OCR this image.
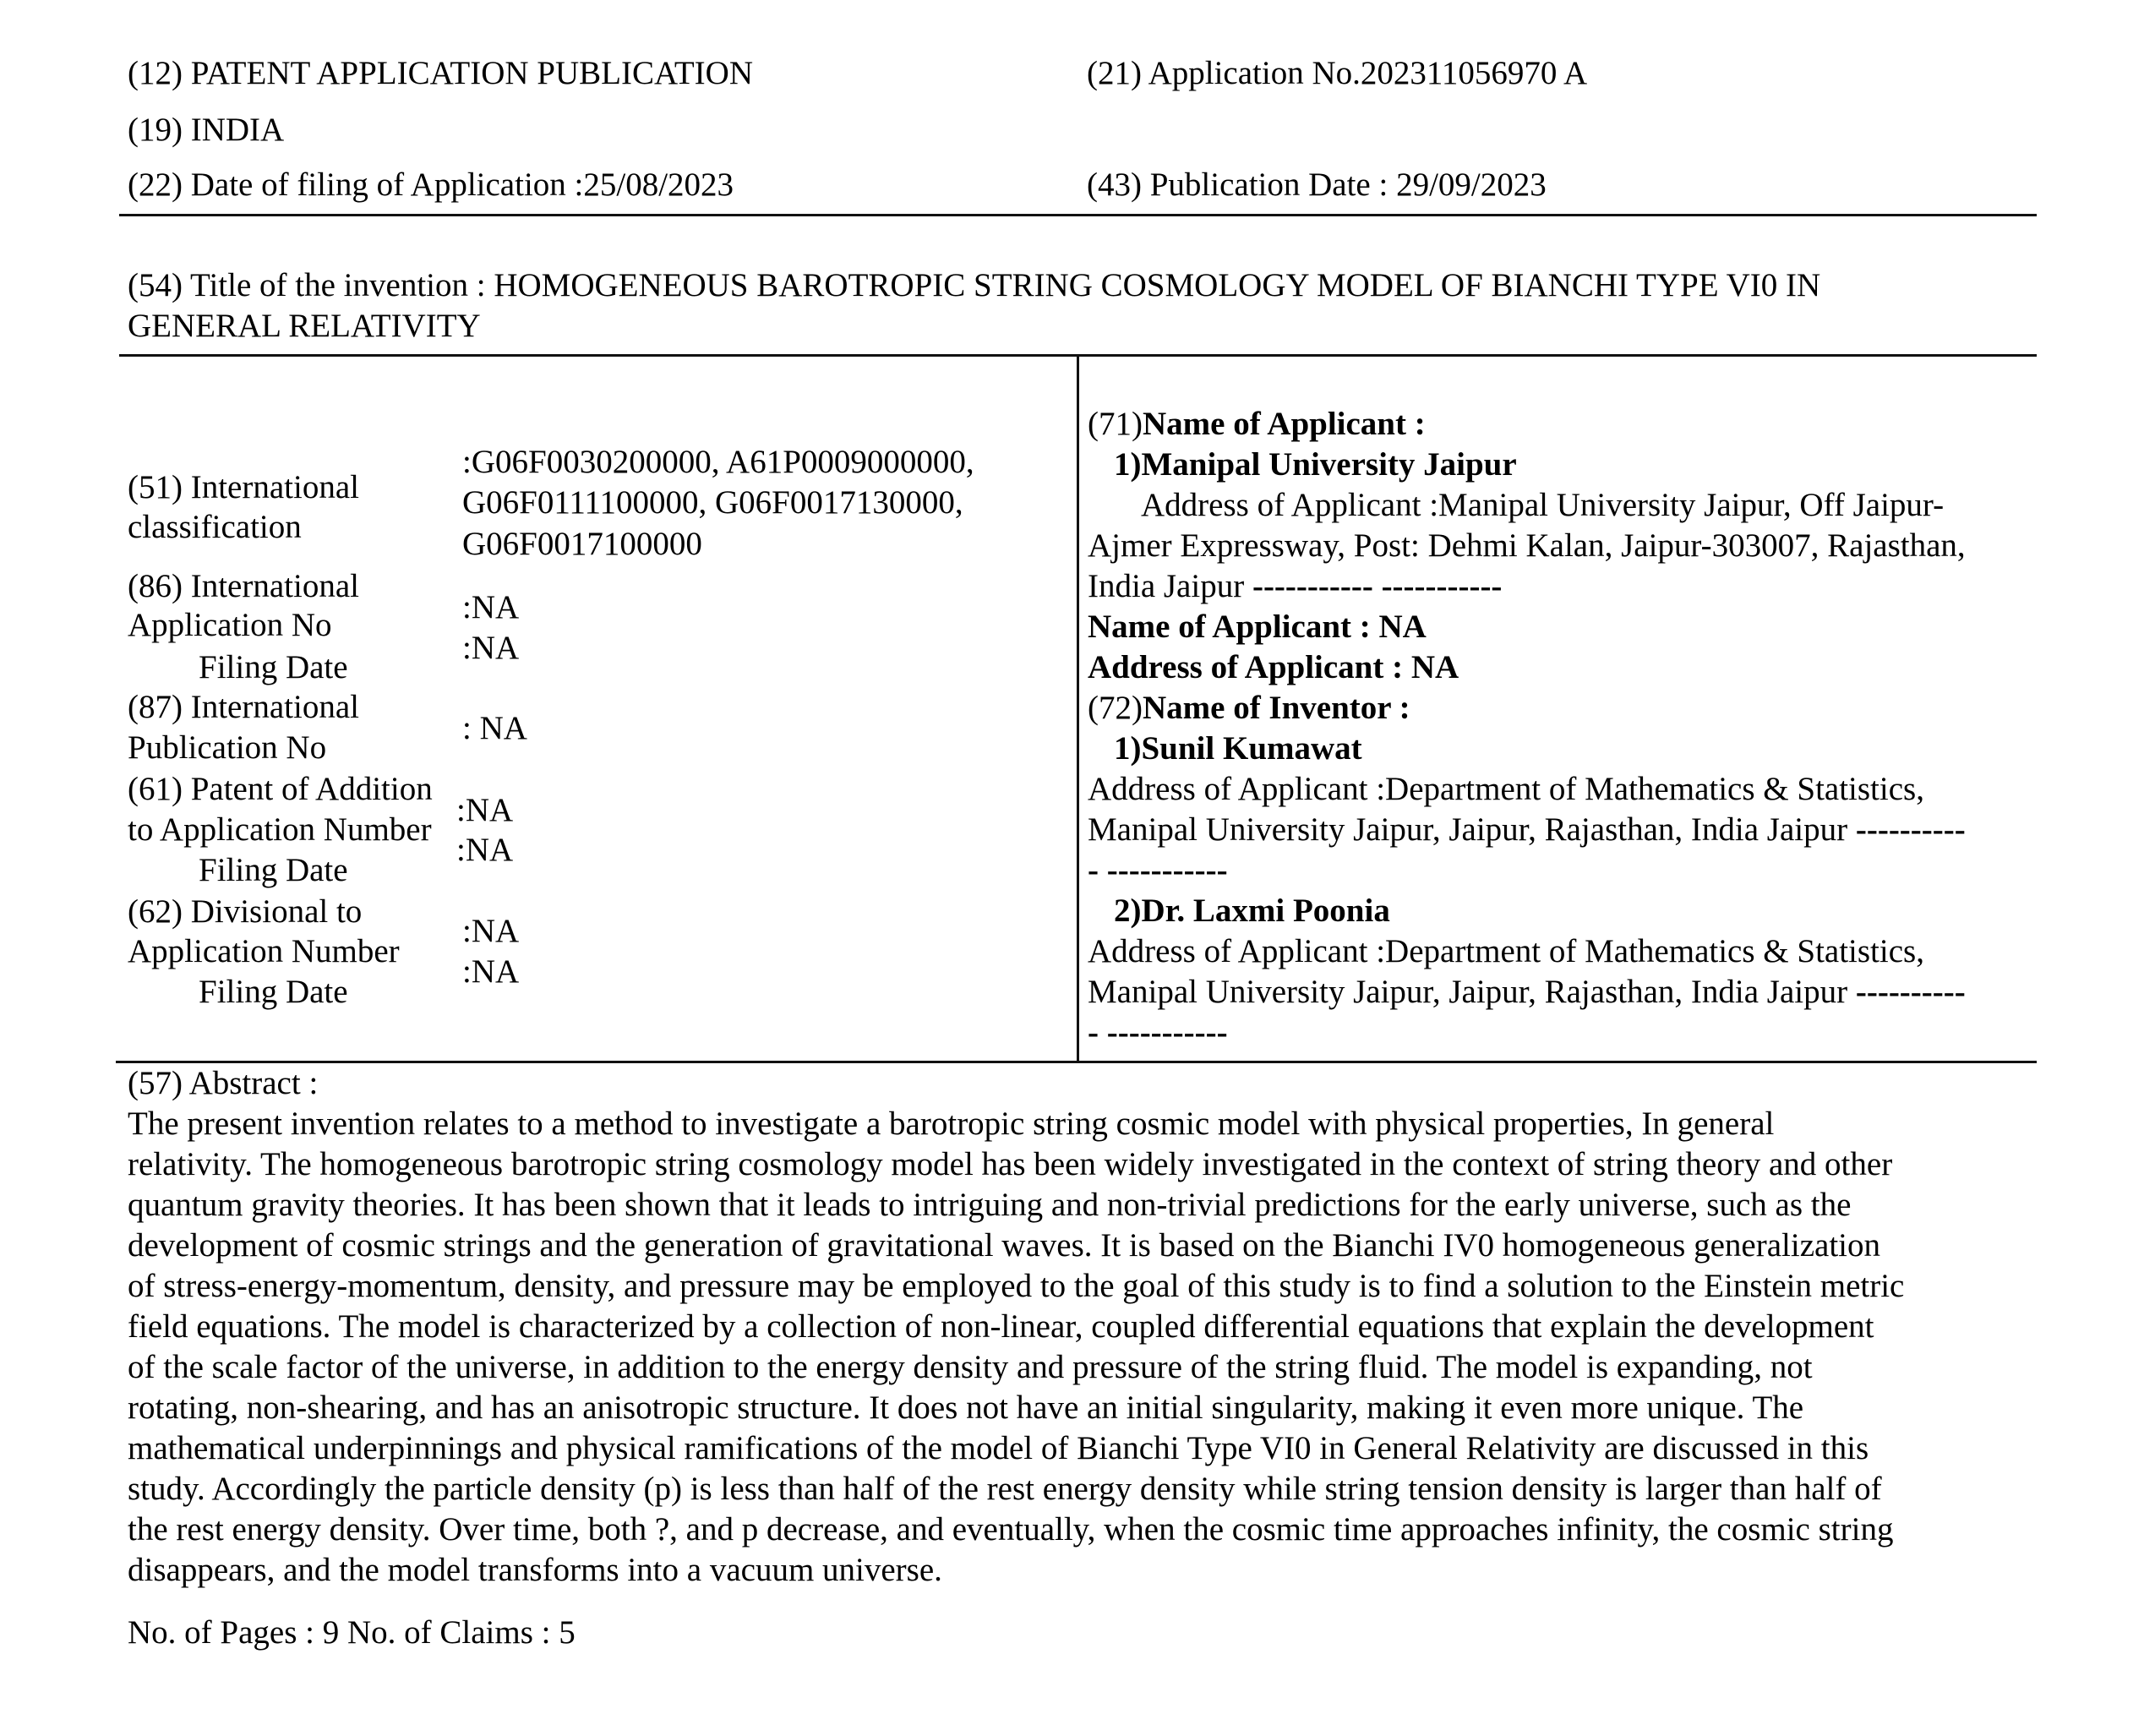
(12) PATENT APPLICATION PUBLICATION
(19) INDIA
(22) Date of filing of Application :25/08/2023
(21) Application No.202311056970 A
(43) Publication Date : 29/09/2023
(54) Title of the invention : HOMOGENEOUS BAROTROPIC STRING COSMOLOGY MODEL OF BIANCHI TYPE VI0 IN
GENERAL RELATIVITY
(51) International
classification
:G06F0030200000, A61P0009000000,
G06F0111100000, G06F0017130000,
G06F0017100000
(86) International
Application No
Filing Date
:NA
:NA
(87) International
Publication No
: NA
(61) Patent of Addition
to Application Number
Filing Date
:NA
:NA
(62) Divisional to
Application Number
Filing Date
:NA
:NA
(71)Name of Applicant :
1)Manipal University Jaipur
Address of Applicant :Manipal University Jaipur, Off Jaipur-
Ajmer Expressway, Post: Dehmi Kalan, Jaipur-303007, Rajasthan,
India Jaipur ----------- -----------
Name of Applicant : NA
Address of Applicant : NA
(72)Name of Inventor :
1)Sunil Kumawat
Address of Applicant :Department of Mathematics & Statistics,
Manipal University Jaipur, Jaipur, Rajasthan, India Jaipur ----------
- -----------
2)Dr. Laxmi Poonia
Address of Applicant :Department of Mathematics & Statistics,
Manipal University Jaipur, Jaipur, Rajasthan, India Jaipur ----------
- -----------
(57) Abstract :
The present invention relates to a method to investigate a barotropic string cosmic model with physical properties, In general
relativity. The homogeneous barotropic string cosmology model has been widely investigated in the context of string theory and other
quantum gravity theories. It has been shown that it leads to intriguing and non-trivial predictions for the early universe, such as the
development of cosmic strings and the generation of gravitational waves. It is based on the Bianchi IV0 homogeneous generalization
of stress-energy-momentum, density, and pressure may be employed to the goal of this study is to find a solution to the Einstein metric
field equations. The model is characterized by a collection of non-linear, coupled differential equations that explain the development
of the scale factor of the universe, in addition to the energy density and pressure of the string fluid. The model is expanding, not
rotating, non-shearing, and has an anisotropic structure. It does not have an initial singularity, making it even more unique. The
mathematical underpinnings and physical ramifications of the model of Bianchi Type VI0 in General Relativity are discussed in this
study. Accordingly the particle density (p) is less than half of the rest energy density while string tension density is larger than half of
the rest energy density. Over time, both ?, and p decrease, and eventually, when the cosmic time approaches infinity, the cosmic string
disappears, and the model transforms into a vacuum universe.
No. of Pages : 9 No. of Claims : 5
